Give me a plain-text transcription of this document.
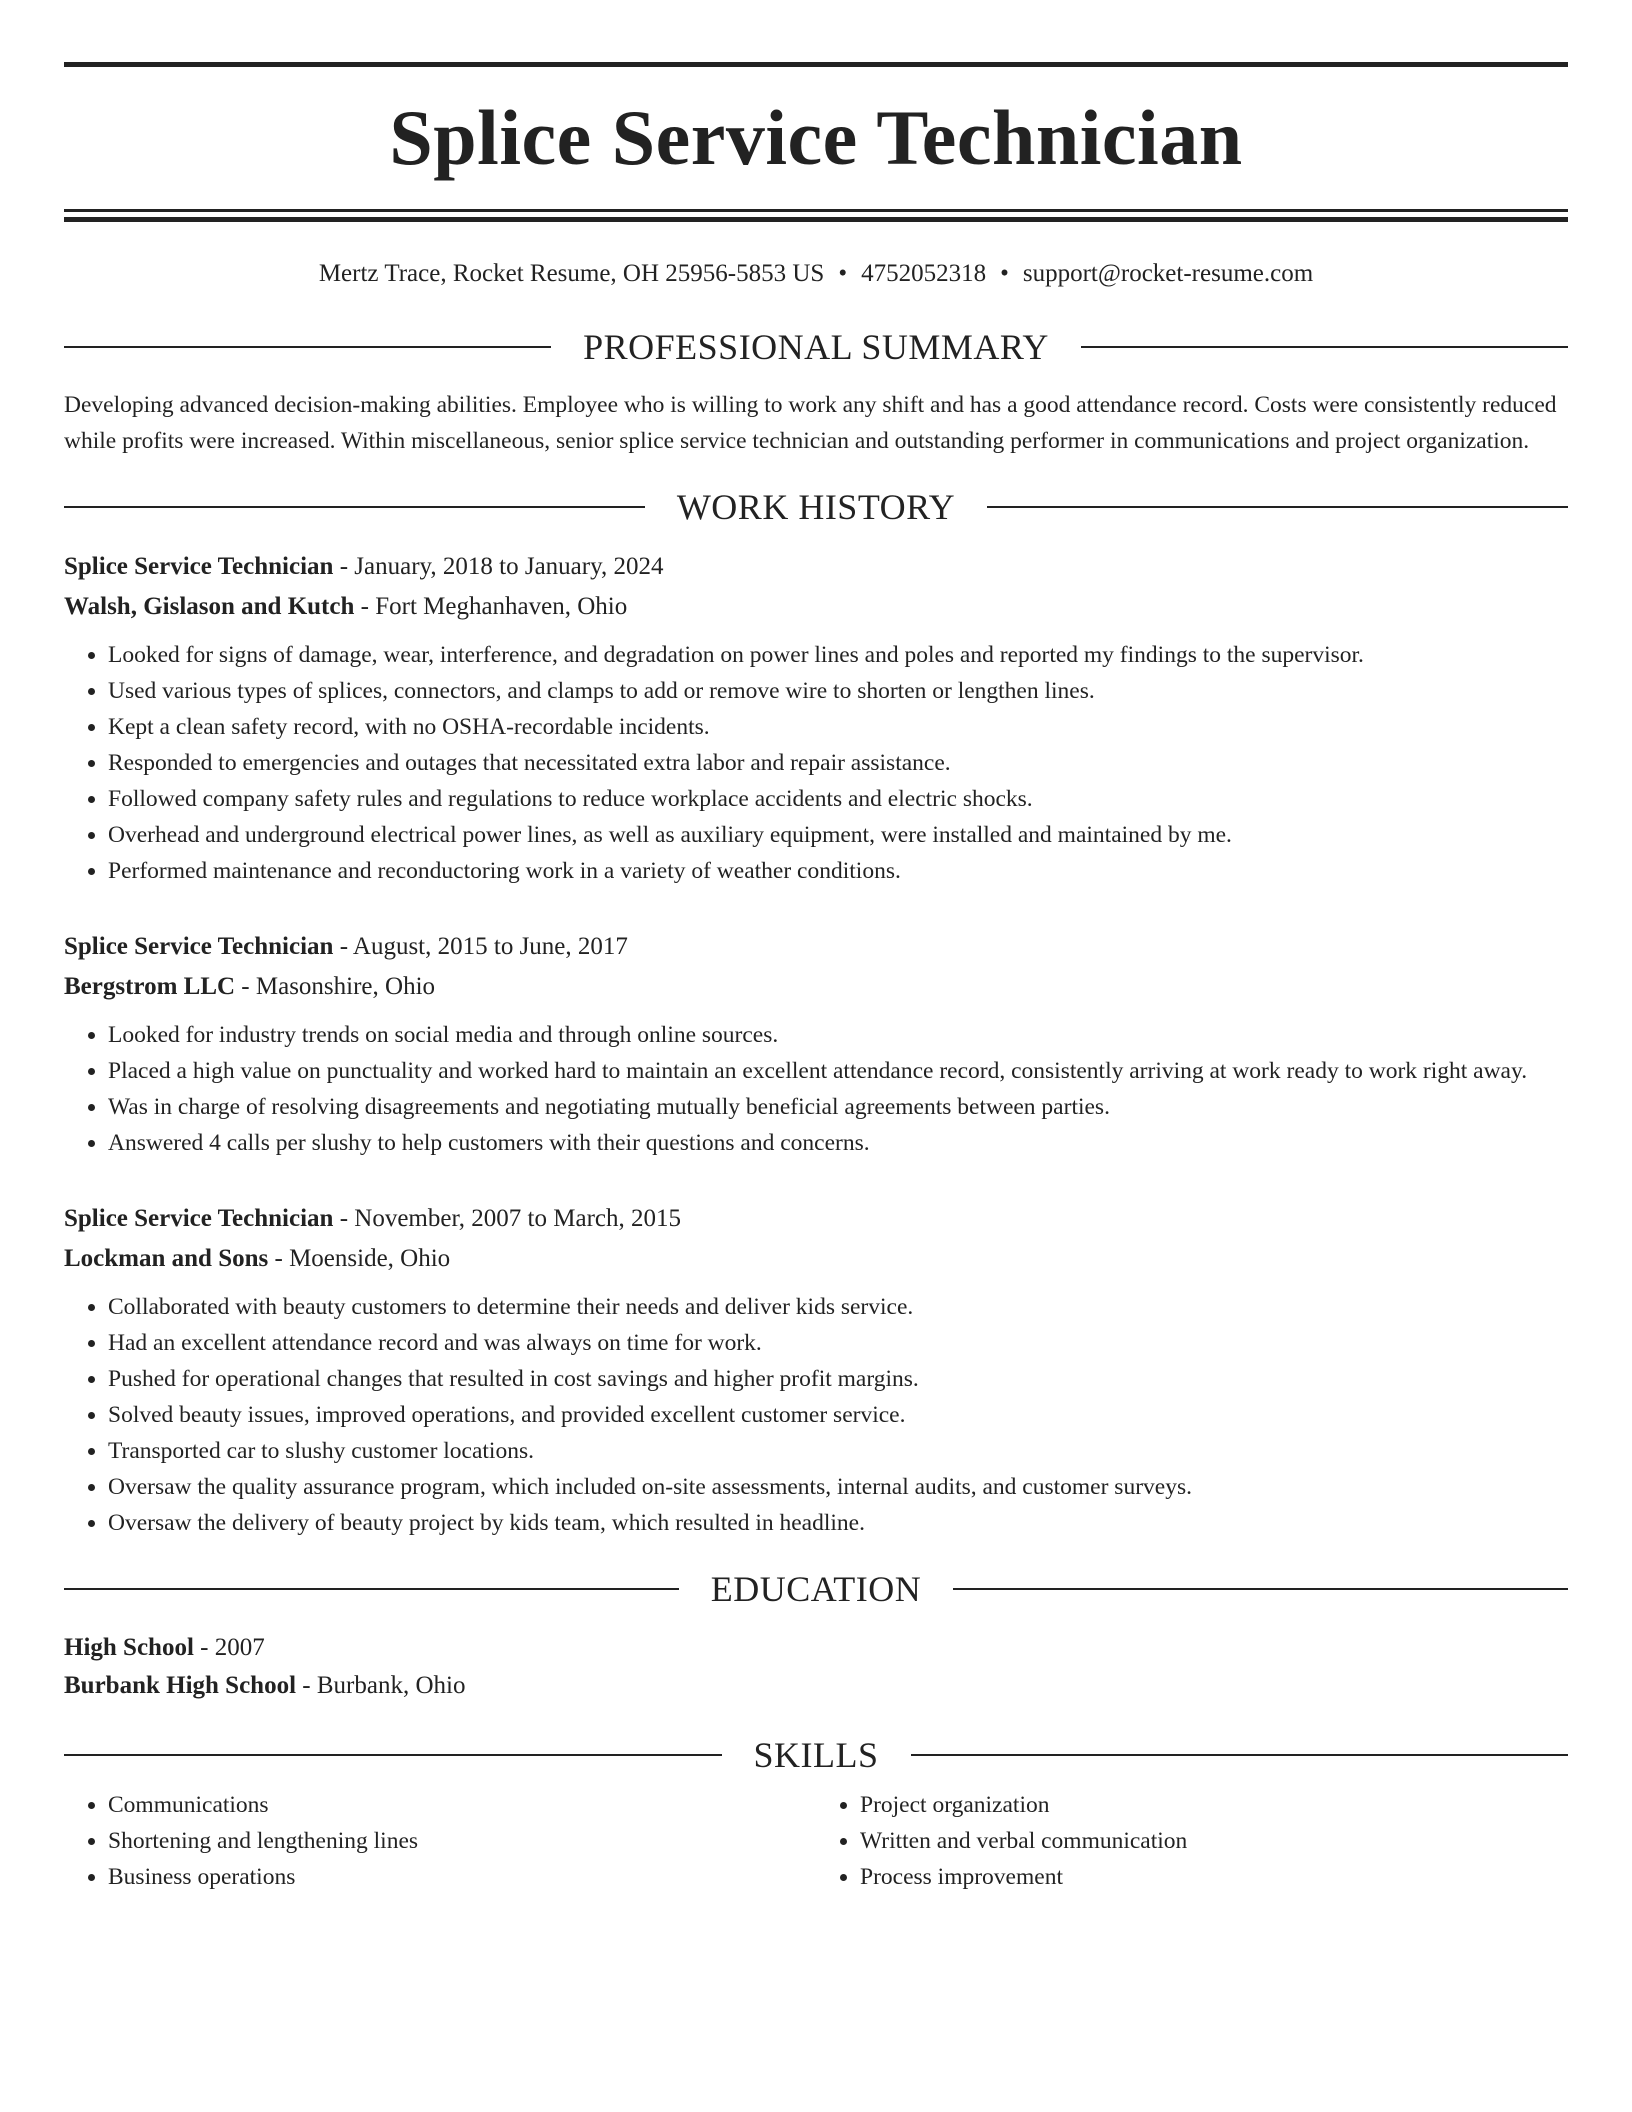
Splice Service Technician
Mertz Trace, Rocket Resume, OH 25956-5853 US • 4752052318 • support@rocket-resume.com
PROFESSIONAL SUMMARY
Developing advanced decision-making abilities. Employee who is willing to work any shift and has a good attendance record. Costs were consistently reduced while profits were increased. Within miscellaneous, senior splice service technician and outstanding performer in communications and project organization.
WORK HISTORY
Splice Service Technician - January, 2018 to January, 2024
Walsh, Gislason and Kutch - Fort Meghanhaven, Ohio
• Looked for signs of damage, wear, interference, and degradation on power lines and poles and reported my findings to the supervisor.
• Used various types of splices, connectors, and clamps to add or remove wire to shorten or lengthen lines.
• Kept a clean safety record, with no OSHA-recordable incidents.
• Responded to emergencies and outages that necessitated extra labor and repair assistance.
• Followed company safety rules and regulations to reduce workplace accidents and electric shocks.
• Overhead and underground electrical power lines, as well as auxiliary equipment, were installed and maintained by me.
• Performed maintenance and reconductoring work in a variety of weather conditions.
Splice Service Technician - August, 2015 to June, 2017
Bergstrom LLC - Masonshire, Ohio
• Looked for industry trends on social media and through online sources.
• Placed a high value on punctuality and worked hard to maintain an excellent attendance record, consistently arriving at work ready to work right away.
• Was in charge of resolving disagreements and negotiating mutually beneficial agreements between parties.
• Answered 4 calls per slushy to help customers with their questions and concerns.
Splice Service Technician - November, 2007 to March, 2015
Lockman and Sons - Moenside, Ohio
• Collaborated with beauty customers to determine their needs and deliver kids service.
• Had an excellent attendance record and was always on time for work.
• Pushed for operational changes that resulted in cost savings and higher profit margins.
• Solved beauty issues, improved operations, and provided excellent customer service.
• Transported car to slushy customer locations.
• Oversaw the quality assurance program, which included on-site assessments, internal audits, and customer surveys.
• Oversaw the delivery of beauty project by kids team, which resulted in headline.
EDUCATION
High School - 2007
Burbank High School - Burbank, Ohio
SKILLS
• Communications
• Shortening and lengthening lines
• Business operations
• Project organization
• Written and verbal communication
• Process improvement
